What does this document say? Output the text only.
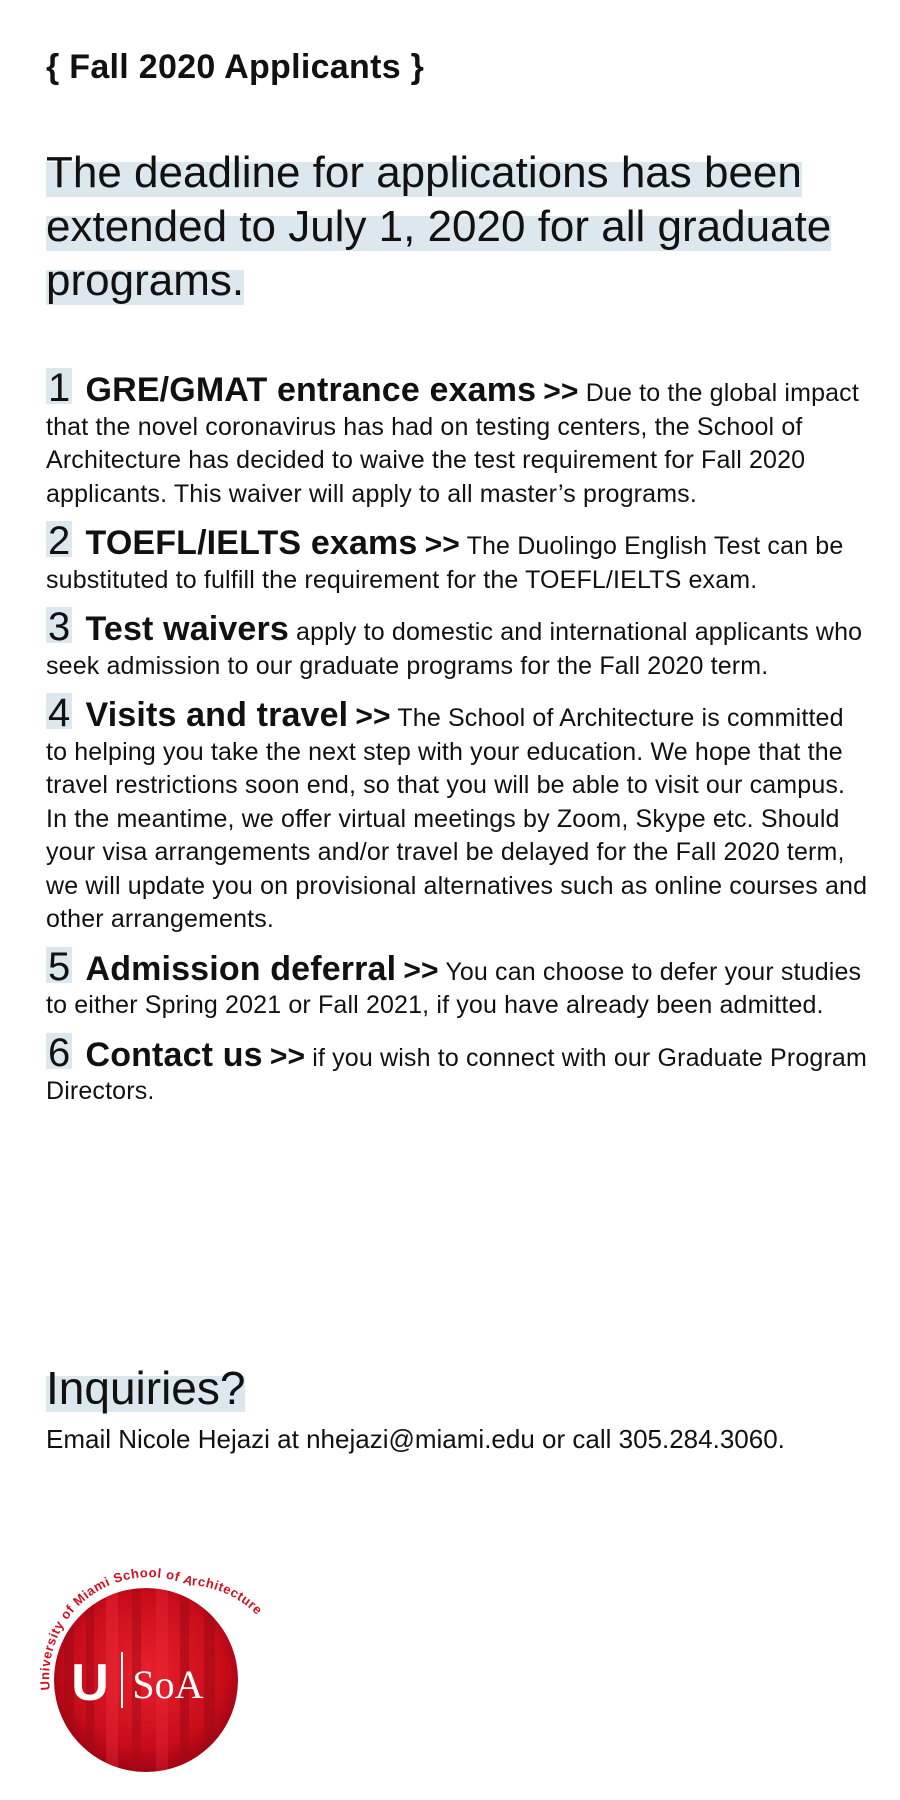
{ Fall 2020 Applicants }
The deadline for applications has been extended to July 1, 2020 for all graduate programs.

1 GRE/GMAT entrance exams >> Due to the global impact that the novel coronavirus has had on testing centers, the School of Architecture has decided to waive the test requirement for Fall 2020 applicants. This waiver will apply to all master’s programs.

2 TOEFL/IELTS exams >> The Duolingo English Test can be substituted to fulfill the requirement for the TOEFL/IELTS exam.

3 Test waivers apply to domestic and international applicants who seek admission to our graduate programs for the Fall 2020 term.

4 Visits and travel >> The School of Architecture is committed to helping you take the next step with your education. We hope that the travel restrictions soon end, so that you will be able to visit our campus. In the meantime, we offer virtual meetings by Zoom, Skype etc. Should your visa arrangements and/or travel be delayed for the Fall 2020 term, we will update you on provisional alternatives such as online courses and other arrangements.

5 Admission deferral >> You can choose to defer your studies to either Spring 2021 or Fall 2021, if you have already been admitted.

6 Contact us >> if you wish to connect with our Graduate Program Directors.

Inquiries?
Email Nicole Hejazi at nhejazi@miami.edu or call 305.284.3060.
University of Miami School of Architecture
U SoA
